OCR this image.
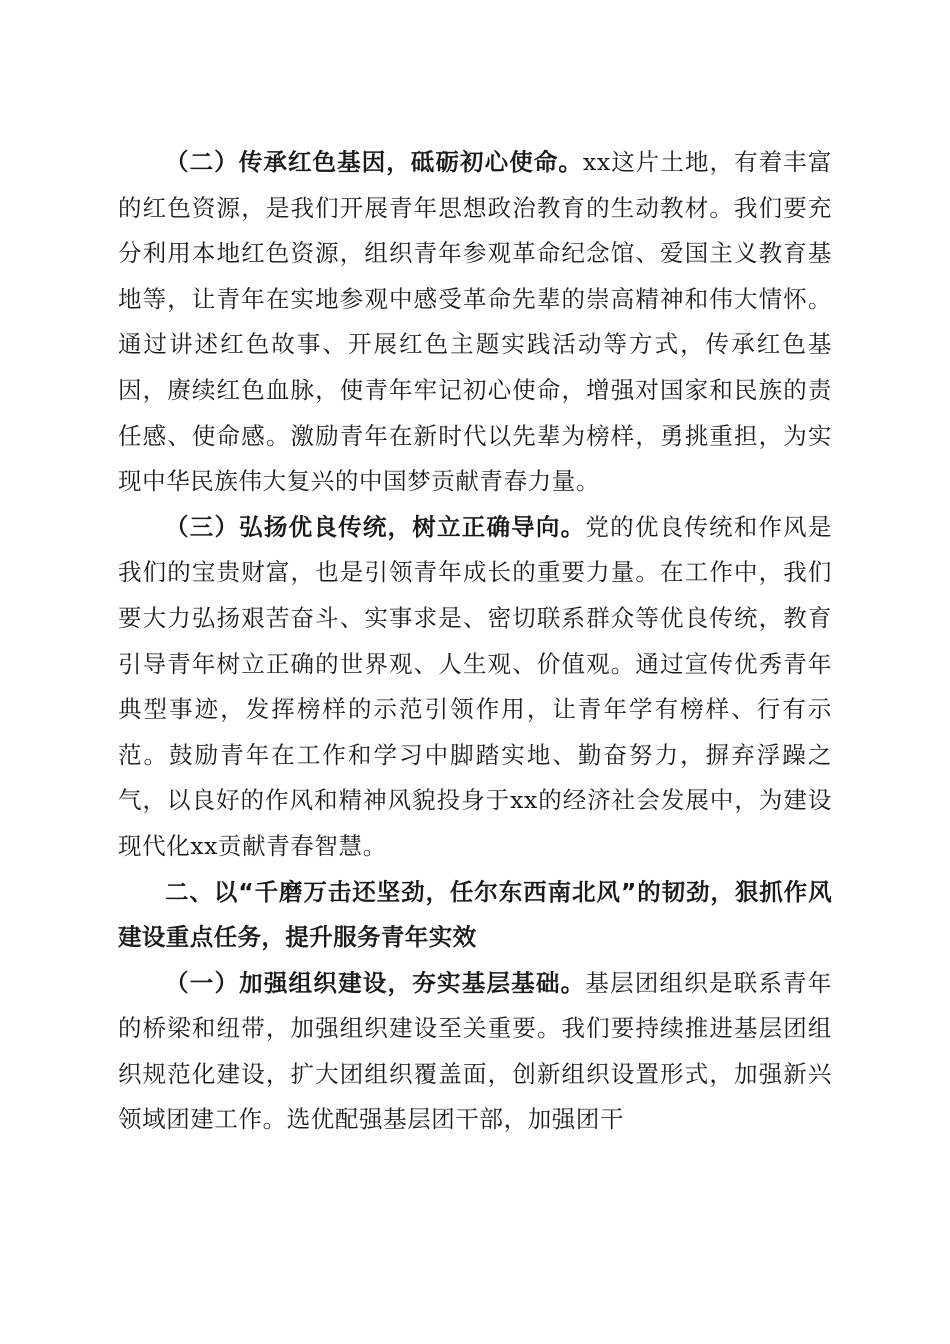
（二）传承红色基因，砥砺初心使命。xx这片土地，有着丰富的红色资源，是我们开展青年思想政治教育的生动教材。我们要充分利用本地红色资源，组织青年参观革命纪念馆、爱国主义教育基地等，让青年在实地参观中感受革命先辈的崇高精神和伟大情怀。通过讲述红色故事、开展红色主题实践活动等方式，传承红色基因，赓续红色血脉，使青年牢记初心使命，增强对国家和民族的责任感、使命感。激励青年在新时代以先辈为榜样，勇挑重担，为实现中华民族伟大复兴的中国梦贡献青春力量。

（三）弘扬优良传统，树立正确导向。党的优良传统和作风是我们的宝贵财富，也是引领青年成长的重要力量。在工作中，我们要大力弘扬艰苦奋斗、实事求是、密切联系群众等优良传统，教育引导青年树立正确的世界观、人生观、价值观。通过宣传优秀青年典型事迹，发挥榜样的示范引领作用，让青年学有榜样、行有示范。鼓励青年在工作和学习中脚踏实地、勤奋努力，摒弃浮躁之气，以良好的作风和精神风貌投身于xx的经济社会发展中，为建设现代化xx贡献青春智慧。

二、以“千磨万击还坚劲，任尔东西南北风”的韧劲，狠抓作风建设重点任务，提升服务青年实效

（一）加强组织建设，夯实基层基础。基层团组织是联系青年的桥梁和纽带，加强组织建设至关重要。我们要持续推进基层团组织规范化建设，扩大团组织覆盖面，创新组织设置形式，加强新兴领域团建工作。选优配强基层团干部，加强团干
